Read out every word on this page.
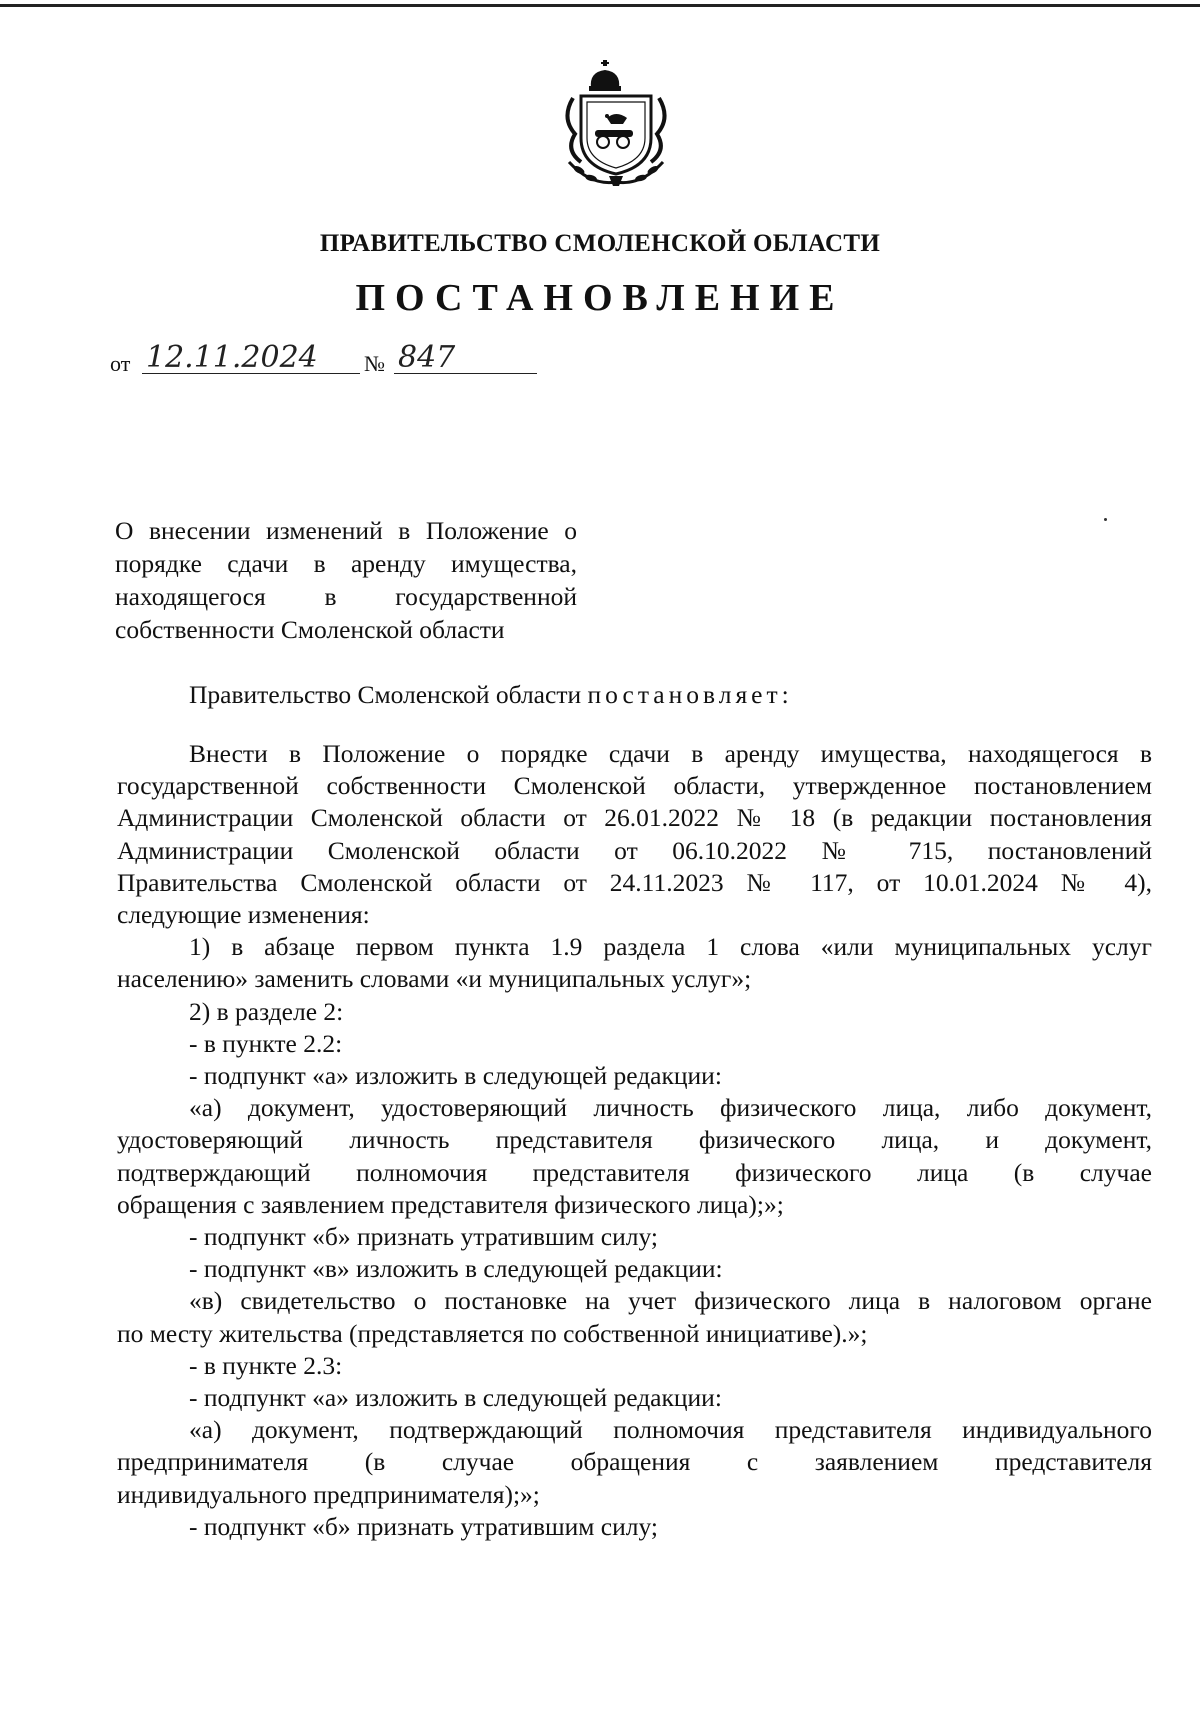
ПРАВИТЕЛЬСТВО СМОЛЕНСКОЙ ОБЛАСТИ
ПОСТАНОВЛЕНИЕ
от 12.11.2024	№ 847
О внесении изменений в Положение о
порядке сдачи в аренду имущества,
находящегося в государственной
собственности Смоленской области
Правительство Смоленской области постановляет:

Внести в Положение о порядке сдачи в аренду имущества, находящегося в

государственной собственности Смоленской области, утвержденное постановлением

Администрации Смоленской области от 26.01.2022 № 18 (в редакции постановления

Администрации Смоленской области от 06.10.2022 № 715, постановлений

Правительства Смоленской области от 24.11.2023 № 117, от 10.01.2024 № 4),

следующие изменения:

1) в абзаце первом пункта 1.9 раздела 1 слова «или муниципальных услуг

населению» заменить словами «и муниципальных услуг»;

2) в разделе 2:

- в пункте 2.2:

- подпункт «а» изложить в следующей редакции:

«а) документ, удостоверяющий личность физического лица, либо документ,

удостоверяющий личность представителя физического лица, и документ,

подтверждающий полномочия представителя физического лица (в случае

обращения с заявлением представителя физического лица);»;

- подпункт «б» признать утратившим силу;

- подпункт «в» изложить в следующей редакции:

«в) свидетельство о постановке на учет физического лица в налоговом органе

по месту жительства (представляется по собственной инициативе).»;

- в пункте 2.3:

- подпункт «а» изложить в следующей редакции:

«а) документ, подтверждающий полномочия представителя индивидуального

предпринимателя (в случае обращения с заявлением представителя

индивидуального предпринимателя);»;

- подпункт «б» признать утратившим силу;
